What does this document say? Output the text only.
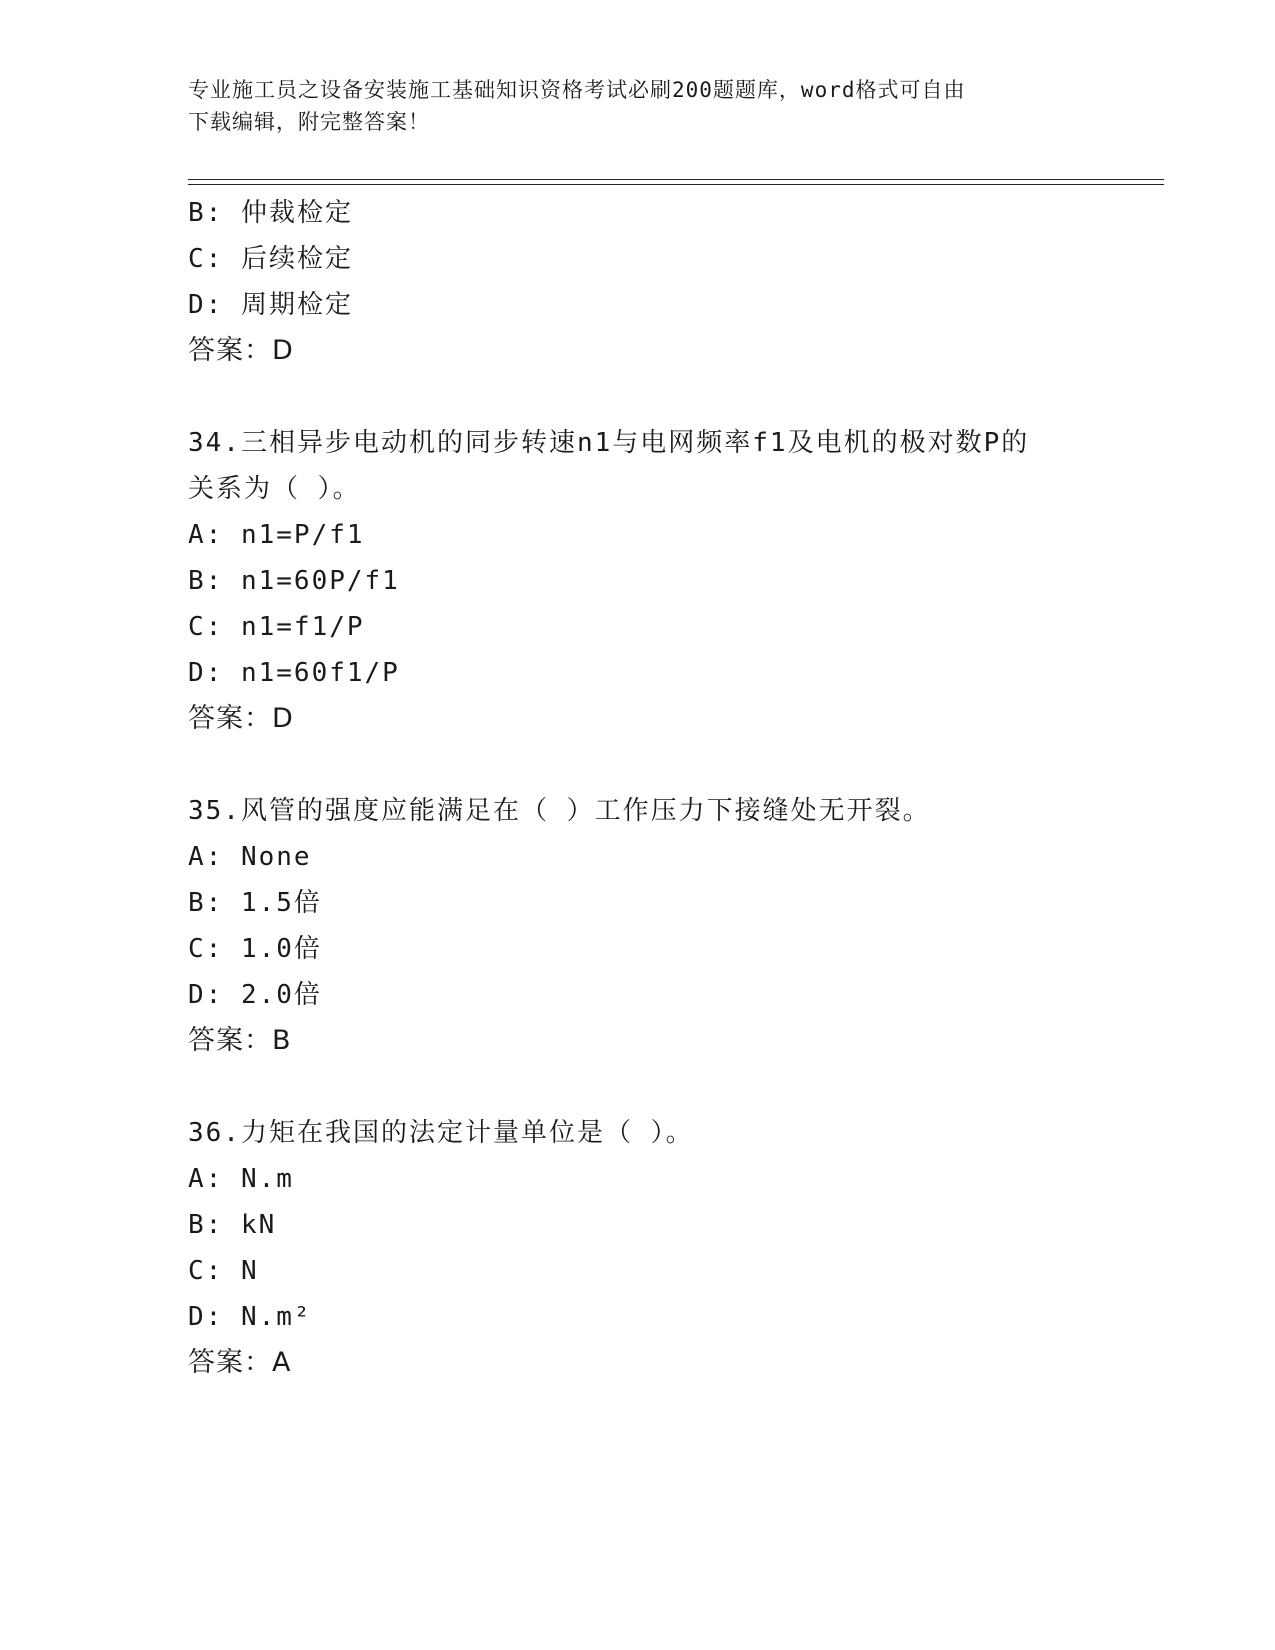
专业施工员之设备安装施工基础知识资格考试必刷200题题库，word格式可自由
下载编辑，附完整答案！
B: 仲裁检定
C: 后续检定
D: 周期检定
答案：D
34.三相异步电动机的同步转速n1与电网频率f1及电机的极对数P的
关系为（ ）。
A: n1=P/f1
B: n1=60P/f1
C: n1=f1/P
D: n1=60f1/P
答案：D
35.风管的强度应能满足在（ ）工作压力下接缝处无开裂。
A: None
B: 1.5倍
C: 1.0倍
D: 2.0倍
答案：B
36.力矩在我国的法定计量单位是（ ）。
A: N.m
B: kN
C: N
D: N.m²
答案：A
